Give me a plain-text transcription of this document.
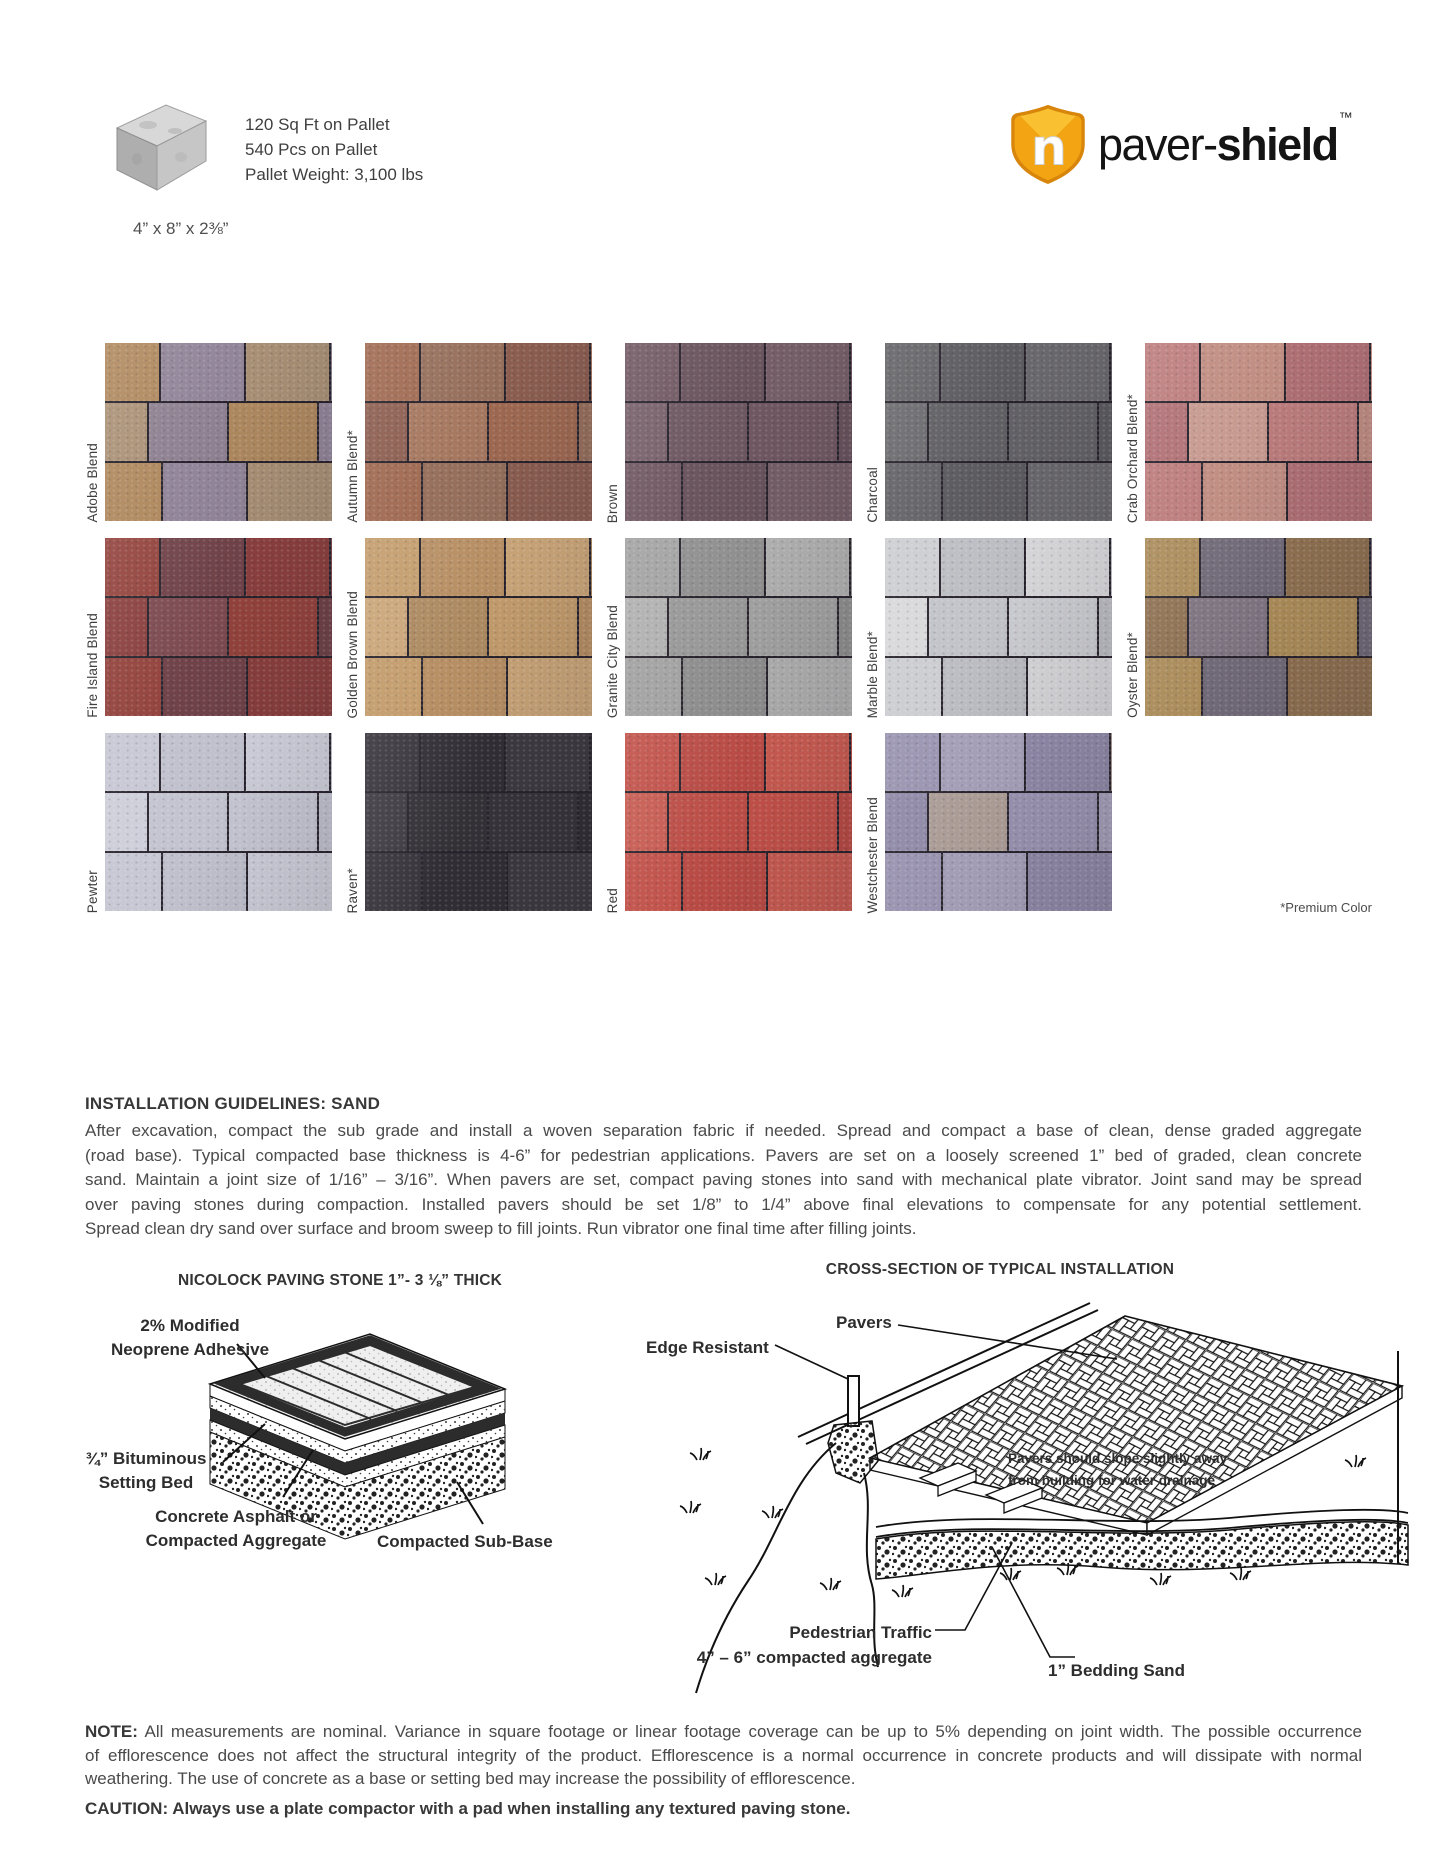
120 Sq Ft on Pallet
540 Pcs on Pallet
Pallet Weight: 3,100 lbs
4” x 8” x 2⅜”
n paver-shield™
Adobe Blend	Autumn Blend*	Brown	Charcoal	Crab Orchard Blend*
Fire Island Blend	Golden Brown Blend	Granite City Blend	Marble Blend*	Oyster Blend*
Pewter	Raven*	Red	Westchester Blend	*Premium Color
INSTALLATION GUIDELINES: SAND
After excavation, compact the sub grade and install a woven separation fabric if needed. Spread and compact a base of clean, dense graded aggregate
(road base). Typical compacted base thickness is 4-6” for pedestrian applications. Pavers are set on a loosely screened 1” bed of graded, clean concrete
sand. Maintain a joint size of 1/16” – 3/16”. When pavers are set, compact paving stones into sand with mechanical plate vibrator. Joint sand may be spread
over paving stones during compaction. Installed pavers should be set 1/8” to 1/4” above final elevations to compensate for any potential settlement.
Spread clean dry sand over surface and broom sweep to fill joints. Run vibrator one final time after filling joints.
NICOLOCK PAVING STONE 1”- 3 ⅛” THICK
2% Modified
Neoprene Adhesive
¾” Bituminous
Setting Bed
Concrete Asphalt or
Compacted Aggregate	Compacted Sub-Base
CROSS-SECTION OF TYPICAL INSTALLATION
Pavers
Edge Resistant
Pavers should slope slightly away
from building for water drainage
Pedestrian Traffic
4” – 6” compacted aggregate
1” Bedding Sand
NOTE: All measurements are nominal. Variance in square footage or linear footage coverage can be up to 5% depending on joint width. The possible occurrence
of efflorescence does not affect the structural integrity of the product. Efflorescence is a normal occurrence in concrete products and will dissipate with normal
weathering. The use of concrete as a base or setting bed may increase the possibility of efflorescence.
CAUTION: Always use a plate compactor with a pad when installing any textured paving stone.
